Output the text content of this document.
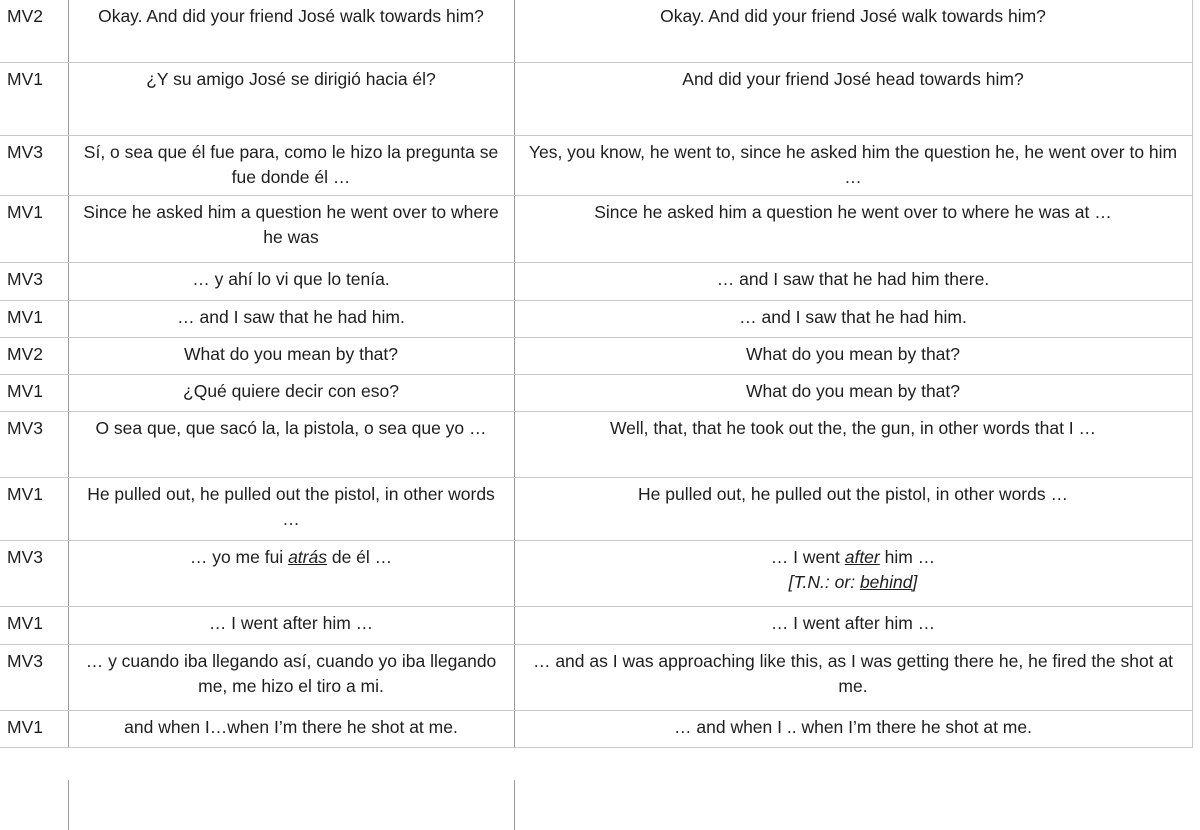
MV2	Okay. And did your friend José walk towards him?	Okay. And did your friend José walk towards him?
MV1	¿Y su amigo José se dirigió hacia él?	And did your friend José head towards him?
MV3	Sí, o sea que él fue para, como le hizo la pregunta se fue donde él …	Yes, you know, he went to, since he asked him the question he, he went over to him …
MV1	Since he asked him a question he went over to where he was	Since he asked him a question he went over to where he was at …
MV3	… y ahí lo vi que lo tenía.	… and I saw that he had him there.
MV1	… and I saw that he had him.	… and I saw that he had him.
MV2	What do you mean by that?	What do you mean by that?
MV1	¿Qué quiere decir con eso?	What do you mean by that?
MV3	O sea que, que sacó la, la pistola, o sea que yo …	Well, that, that he took out the, the gun, in other words that I …
MV1	He pulled out, he pulled out the pistol, in other words …	He pulled out, he pulled out the pistol, in other words …
MV3	… yo me fui atrás de él …	… I went after him …
[T.N.: or: behind]

MV1	… I went after him …	… I went after him …
MV3	… y cuando iba llegando así, cuando yo iba llegando me, me hizo el tiro a mi.	… and as I was approaching like this, as I was getting there he, he fired the shot at me.
MV1	and when I…when I’m there he shot at me.	… and when I .. when I’m there he shot at me.
